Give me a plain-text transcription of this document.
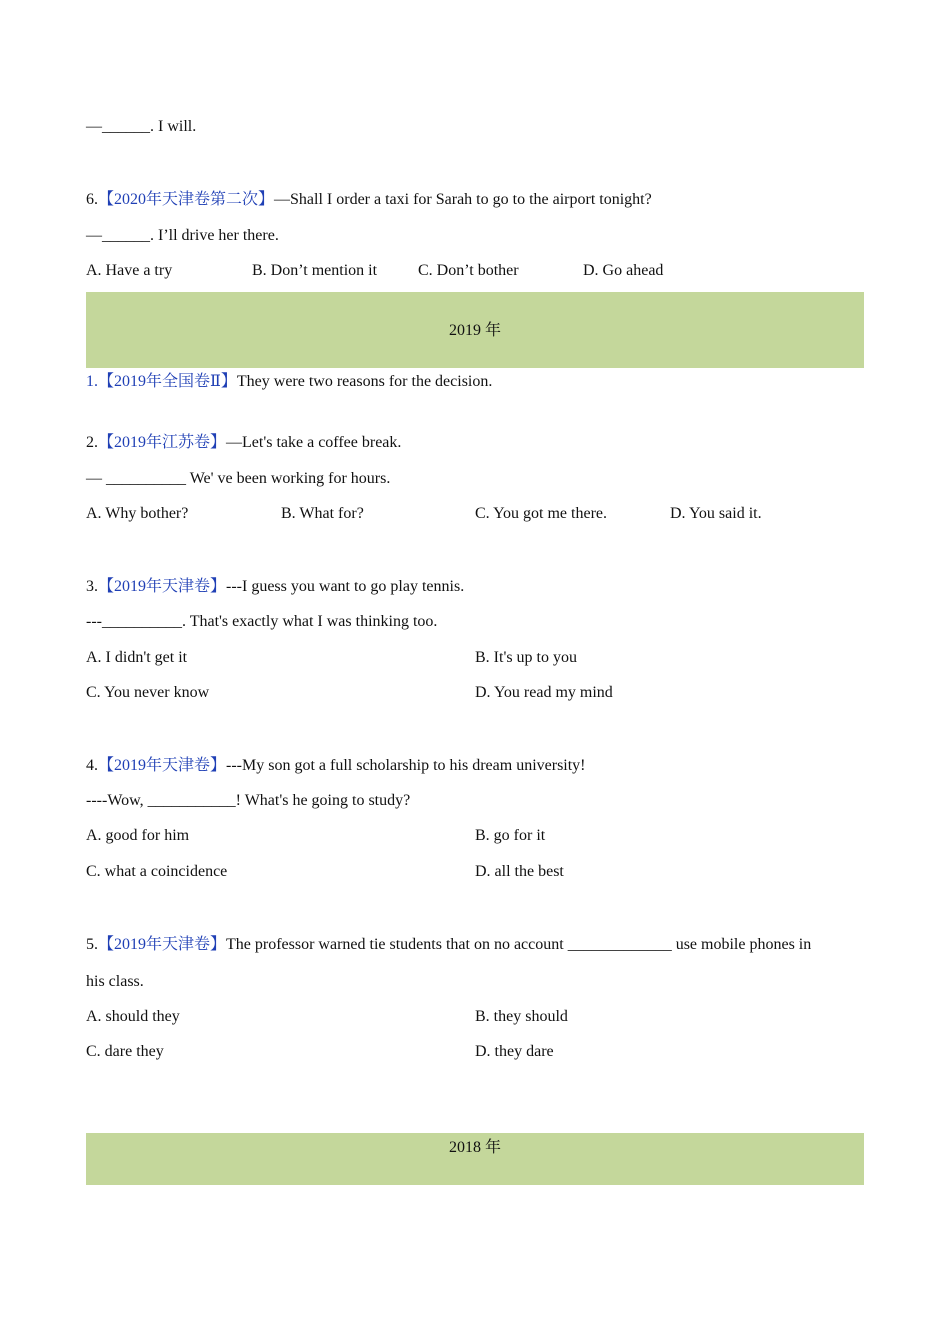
—______. I will.
6.【2020年天津卷第二次】—Shall I order a taxi for Sarah to go to the airport tonight?
—______. I’ll drive her there.
A. Have a try	B. Don’t mention it	C. Don’t bother	D. Go ahead
2019 年
1.【2019年全国卷Ⅱ】They were two reasons for the decision.
2.【2019年江苏卷】—Let's take a coffee break.
— __________ We' ve been working for hours.
A. Why bother?	B. What for?	C. You got me there.	D. You said it.
3.【2019年天津卷】---I guess you want to go play tennis.
---__________. That's exactly what I was thinking too.
A. I didn't get it	B. It's up to you
C. You never know	D. You read my mind
4.【2019年天津卷】---My son got a full scholarship to his dream university!
----Wow, ___________! What's he going to study?
A. good for him	B. go for it
C. what a coincidence	D. all the best
5.【2019年天津卷】The professor warned tie students that on no account _____________ use mobile phones in
his class.
A. should they	B. they should
C. dare they	D. they dare
2018 年
